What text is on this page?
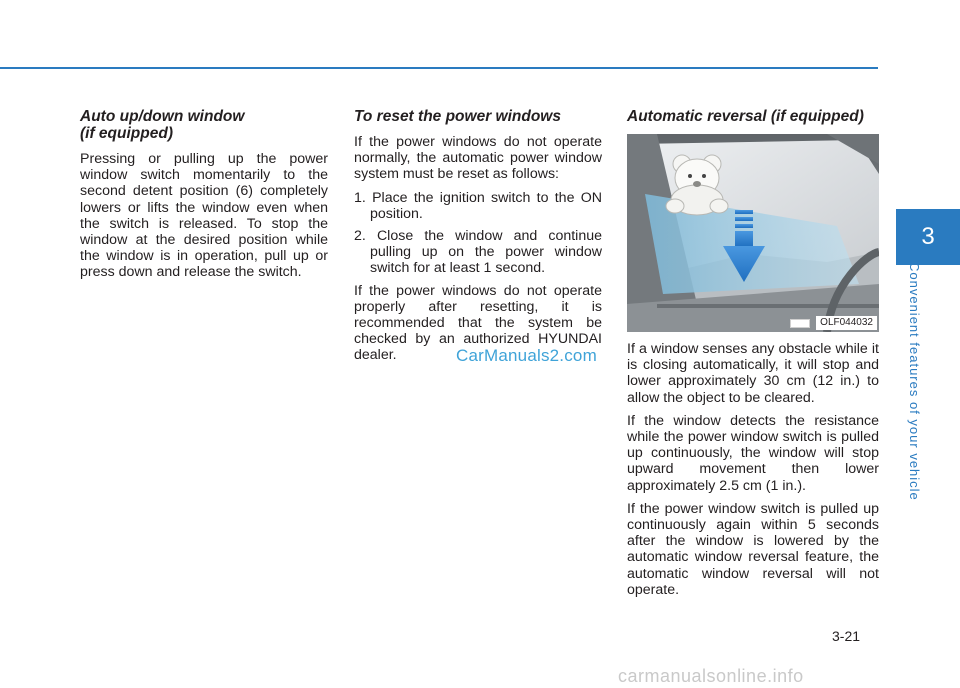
Auto up/down window
(if equipped)

Pressing or pulling up the power window switch momentarily to the second detent position (6) completely lowers or lifts the window even when the switch is released. To stop the window at the desired position while the window is in operation, pull up or press down and release the switch.

To reset the power windows

If the power windows do not operate normally, the automatic power window system must be reset as follows:

1. Place the ignition switch to the ON position.

2. Close the window and continue pulling up on the power window switch for at least 1 second.

If the power windows do not operate properly after resetting, it is recommended that the system be checked by an authorized HYUNDAI dealer.

Automatic reversal (if equipped)
OLF044032

If a window senses any obstacle while it is closing automatically, it will stop and lower approximately 30 cm (12 in.) to allow the object to be cleared.

If the window detects the resistance while the power window switch is pulled up continuously, the window will stop upward movement then lower approximately 2.5 cm (1 in.).

If the power window switch is pulled up continuously again within 5 seconds after the window is lowered by the automatic window reversal feature, the automatic window reversal will not operate.

CarManuals2.com
carmanualsonline.info
3
Convenient features of your vehicle
3-21
